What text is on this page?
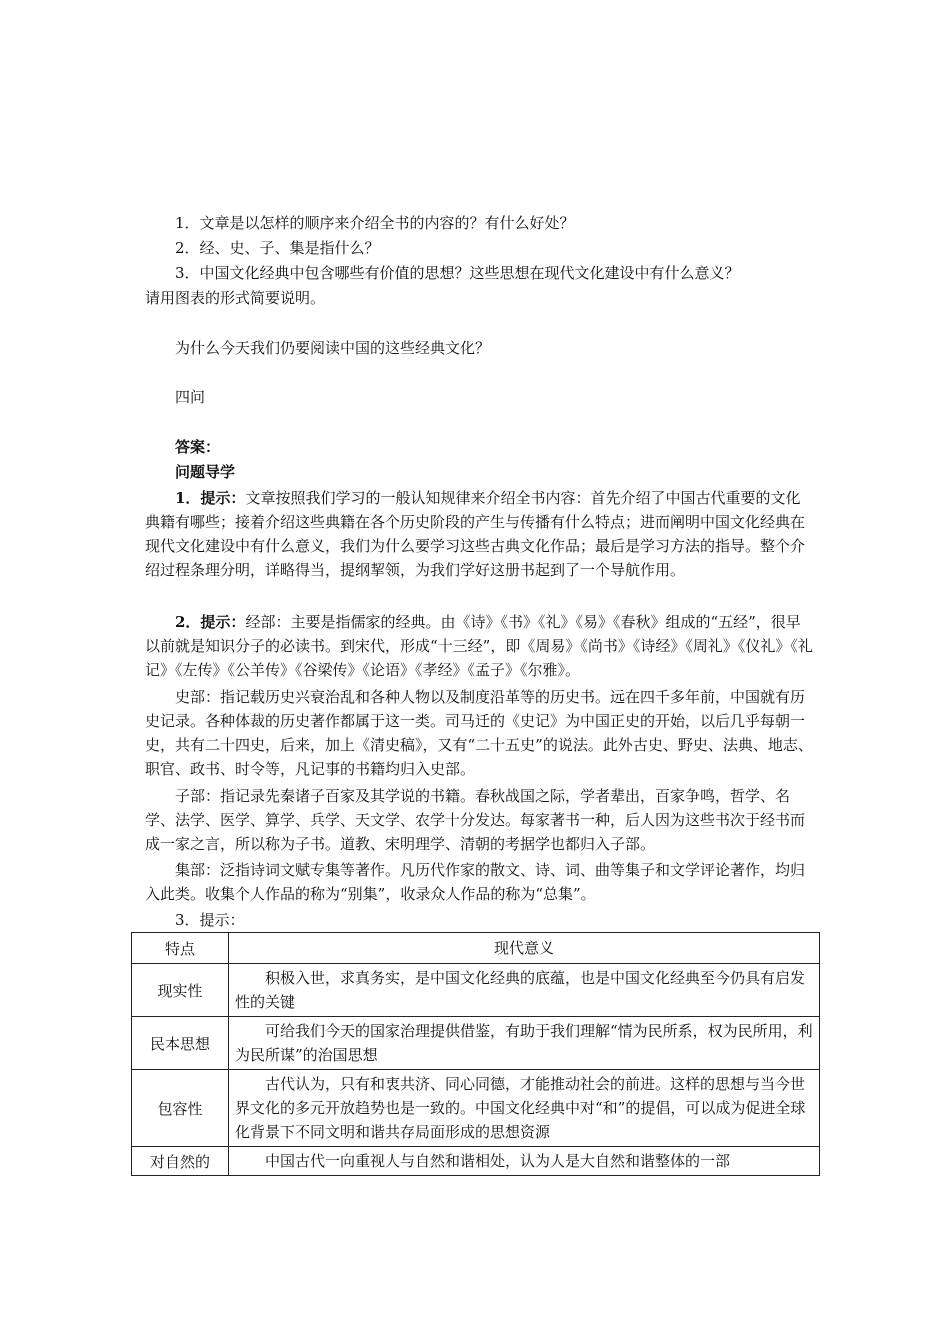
1．文章是以怎样的顺序来介绍全书的内容的？有什么好处？

2．经、史、子、集是指什么？

3．中国文化经典中包含哪些有价值的思想？这些思想在现代文化建设中有什么意义？

请用图表的形式简要说明。

为什么今天我们仍要阅读中国的这些经典文化？

四问

答案：

问题导学

1．提示：文章按照我们学习的一般认知规律来介绍全书内容：首先介绍了中国古代重要的文化典籍有哪些；接着介绍这些典籍在各个历史阶段的产生与传播有什么特点；进而阐明中国文化经典在现代文化建设中有什么意义，我们为什么要学习这些古典文化作品；最后是学习方法的指导。整个介绍过程条理分明，详略得当，提纲挈领，为我们学好这册书起到了一个导航作用。

2．提示：经部：主要是指儒家的经典。由《诗》《书》《礼》《易》《春秋》组成的“五经”，很早以前就是知识分子的必读书。到宋代，形成“十三经”，即《周易》《尚书》《诗经》《周礼》《仪礼》《礼记》《左传》《公羊传》《谷梁传》《论语》《孝经》《孟子》《尔雅》。

史部：指记载历史兴衰治乱和各种人物以及制度沿革等的历史书。远在四千多年前，中国就有历史记录。各种体裁的历史著作都属于这一类。司马迁的《史记》为中国正史的开始，以后几乎每朝一史，共有二十四史，后来，加上《清史稿》，又有“二十五史”的说法。此外古史、野史、法典、地志、职官、政书、时令等，凡记事的书籍均归入史部。

子部：指记录先秦诸子百家及其学说的书籍。春秋战国之际，学者辈出，百家争鸣，哲学、名学、法学、医学、算学、兵学、天文学、农学十分发达。每家著书一种，后人因为这些书次于经书而成一家之言，所以称为子书。道教、宋明理学、清朝的考据学也都归入子部。

集部：泛指诗词文赋专集等著作。凡历代作家的散文、诗、词、曲等集子和文学评论著作，均归入此类。收集个人作品的称为“别集”，收录众人作品的称为“总集”。

3．提示：

特点	现代意义
现实性	积极入世，求真务实，是中国文化经典的底蕴，也是中国文化经典至今仍具有启发性的关键
民本思想	可给我们今天的国家治理提供借鉴，有助于我们理解“情为民所系，权为民所用，利为民所谋”的治国思想
包容性	古代认为，只有和衷共济、同心同德，才能推动社会的前进。这样的思想与当今世界文化的多元开放趋势也是一致的。中国文化经典中对“和”的提倡，可以成为促进全球化背景下不同文明和谐共存局面形成的思想资源
对自然的	中国古代一向重视人与自然和谐相处，认为人是大自然和谐整体的一部
